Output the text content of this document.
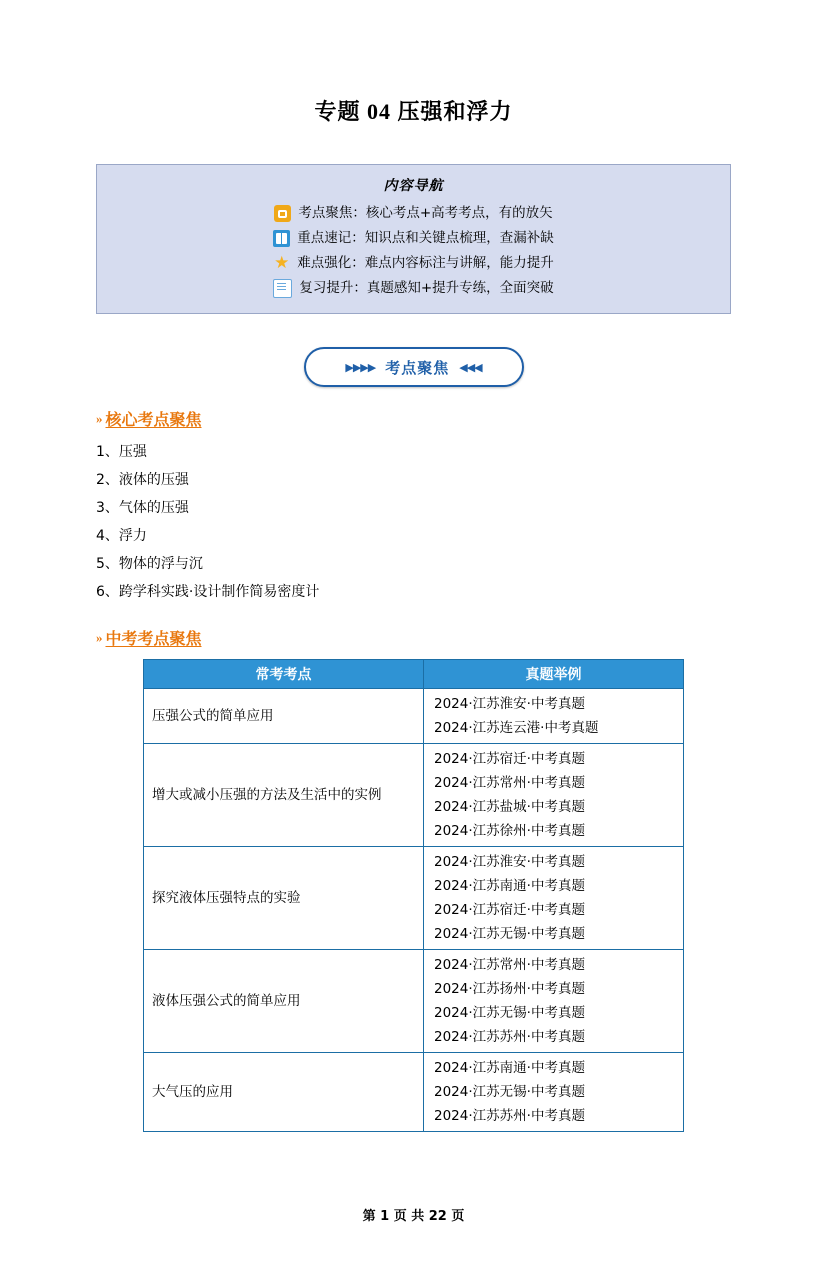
专题 04 压强和浮力
内容导航
考点聚焦：核心考点+高考考点，有的放矢
重点速记：知识点和关键点梳理，查漏补缺
★ 难点强化：难点内容标注与讲解，能力提升
复习提升：真题感知+提升专练，全面突破
▶▶▶▶ 考点聚焦 ◀◀◀
» 核心考点聚焦
1、压强
2、液体的压强
3、气体的压强
4、浮力
5、物体的浮与沉
6、跨学科实践·设计制作简易密度计
» 中考考点聚焦
常考考点	真题举例
压强公式的简单应用	2024·江苏淮安·中考真题
2024·江苏连云港·中考真题

增大或减小压强的方法及生活中的实例	2024·江苏宿迁·中考真题
2024·江苏常州·中考真题
2024·江苏盐城·中考真题
2024·江苏徐州·中考真题

探究液体压强特点的实验	2024·江苏淮安·中考真题
2024·江苏南通·中考真题
2024·江苏宿迁·中考真题
2024·江苏无锡·中考真题

液体压强公式的简单应用	2024·江苏常州·中考真题
2024·江苏扬州·中考真题
2024·江苏无锡·中考真题
2024·江苏苏州·中考真题

大气压的应用	2024·江苏南通·中考真题
2024·江苏无锡·中考真题
2024·江苏苏州·中考真题
第 1 页 共 22 页
